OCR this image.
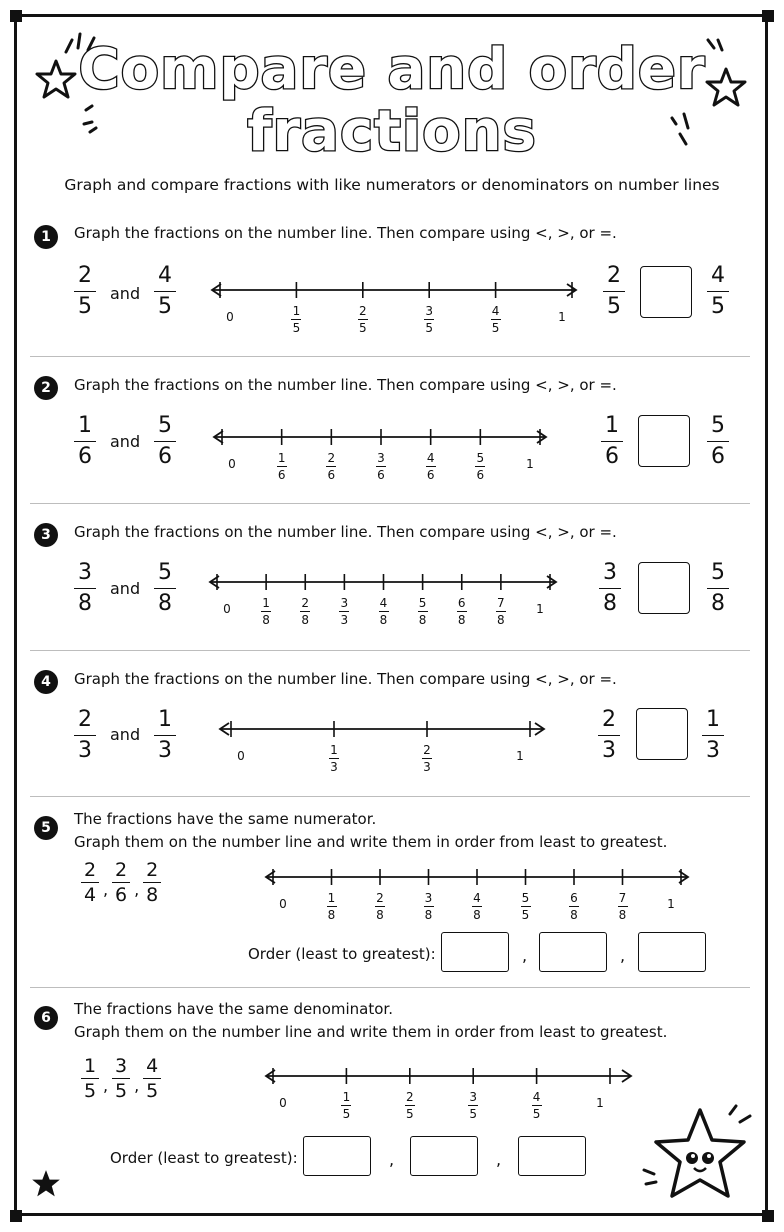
Compare and order
fractions
Graph and compare fractions with like numerators or denominators on number lines
1	Graph the fractions on the number line. Then compare using <, >, or =.
2
5
and
4
5
2
5
4
5
2	Graph the fractions on the number line. Then compare using <, >, or =.
1
6
and
5
6
1
6
5
6
3	Graph the fractions on the number line. Then compare using <, >, or =.
3
8
and
5
8
3
8
5
8
4	Graph the fractions on the number line. Then compare using <, >, or =.
2
3
and
1
3
2
3
1
3
5	The fractions have the same numerator.
Graph them on the number line and write them in order from least to greatest.
$\frac{2}{4}$ , $\frac{2}{6}$ , $\frac{2}{8}$
Order (least to greatest):	,	,
6	The fractions have the same denominator.
Graph them on the number line and write them in order from least to greatest.
$\frac{1}{5}$ , $\frac{3}{5}$ , $\frac{4}{5}$
Order (least to greatest):	,	,
0	1
1
5
2
5
3
5
4
5
0	1
1
6
2
6
3
6
4
6
5
6
0	1
1
8
2
8
3
3
4
8
5
8
6
8
7
8
0	1
1
3
2
3
0	1
1
8
2
8
3
8
4
8
5
5
6
8
7
8
0	1
1
5
2
5
3
5
4
5
